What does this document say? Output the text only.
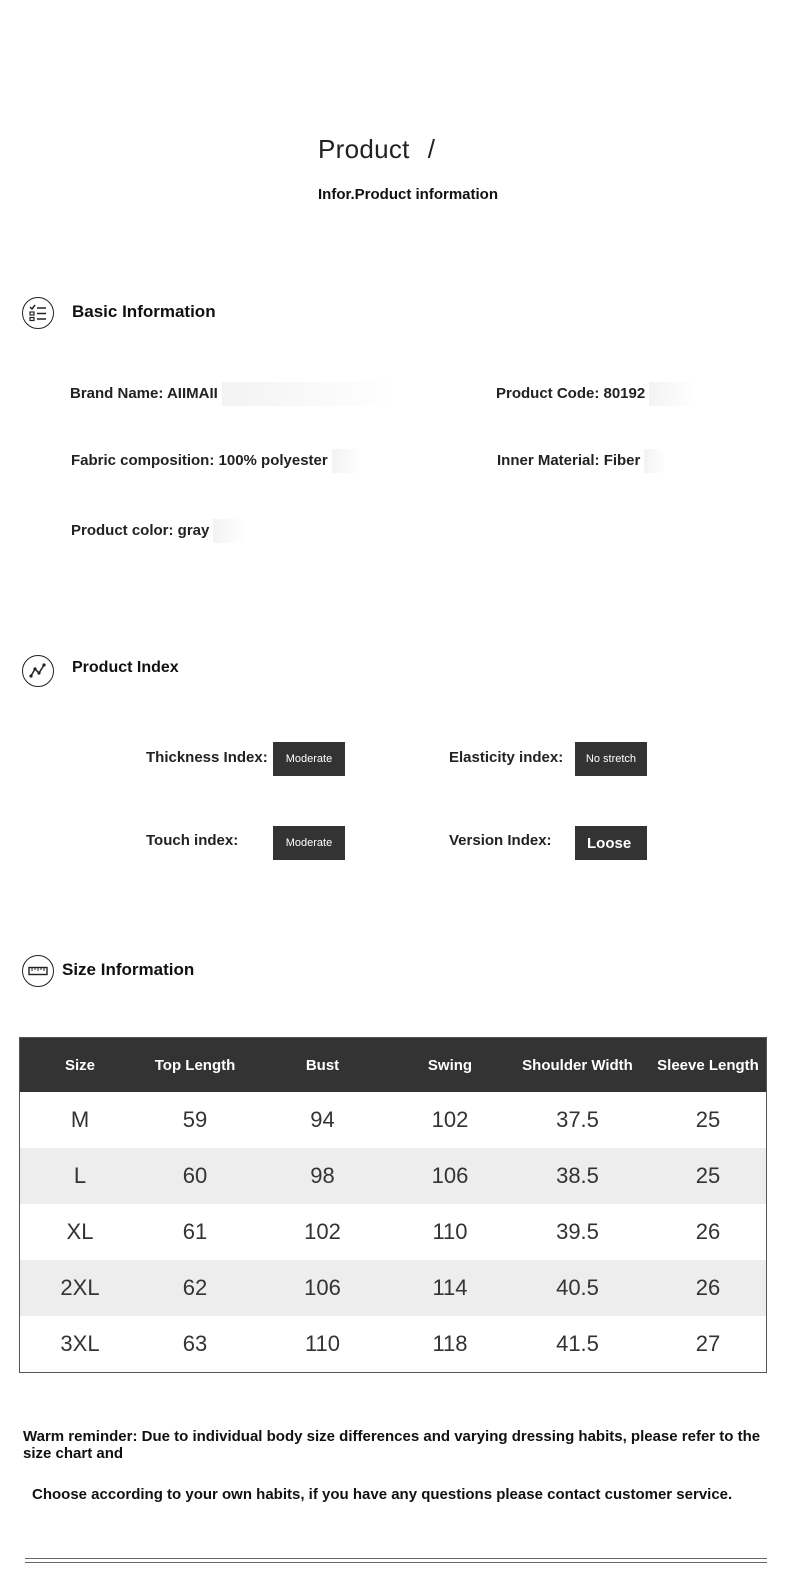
Product /
Infor.Product information
Basic Information
Brand Name: AIIMAII	Product Code: 80192
Fabric composition: 100% polyester	Inner Material: Fiber
Product color: gray
Product Index
Thickness Index:	Moderate	Elasticity index:	No stretch
Touch index:	Moderate	Version Index:	Loose
Size Information
Size	Top Length	Bust	Swing	Shoulder Width	Sleeve Length
M	59	94	102	37.5	25
L	60	98	106	38.5	25
XL	61	102	110	39.5	26
2XL	62	106	114	40.5	26
3XL	63	110	118	41.5	27
Warm reminder: Due to individual body size differences and varying dressing habits, please refer to the size chart and
Choose according to your own habits, if you have any questions please contact customer service.
